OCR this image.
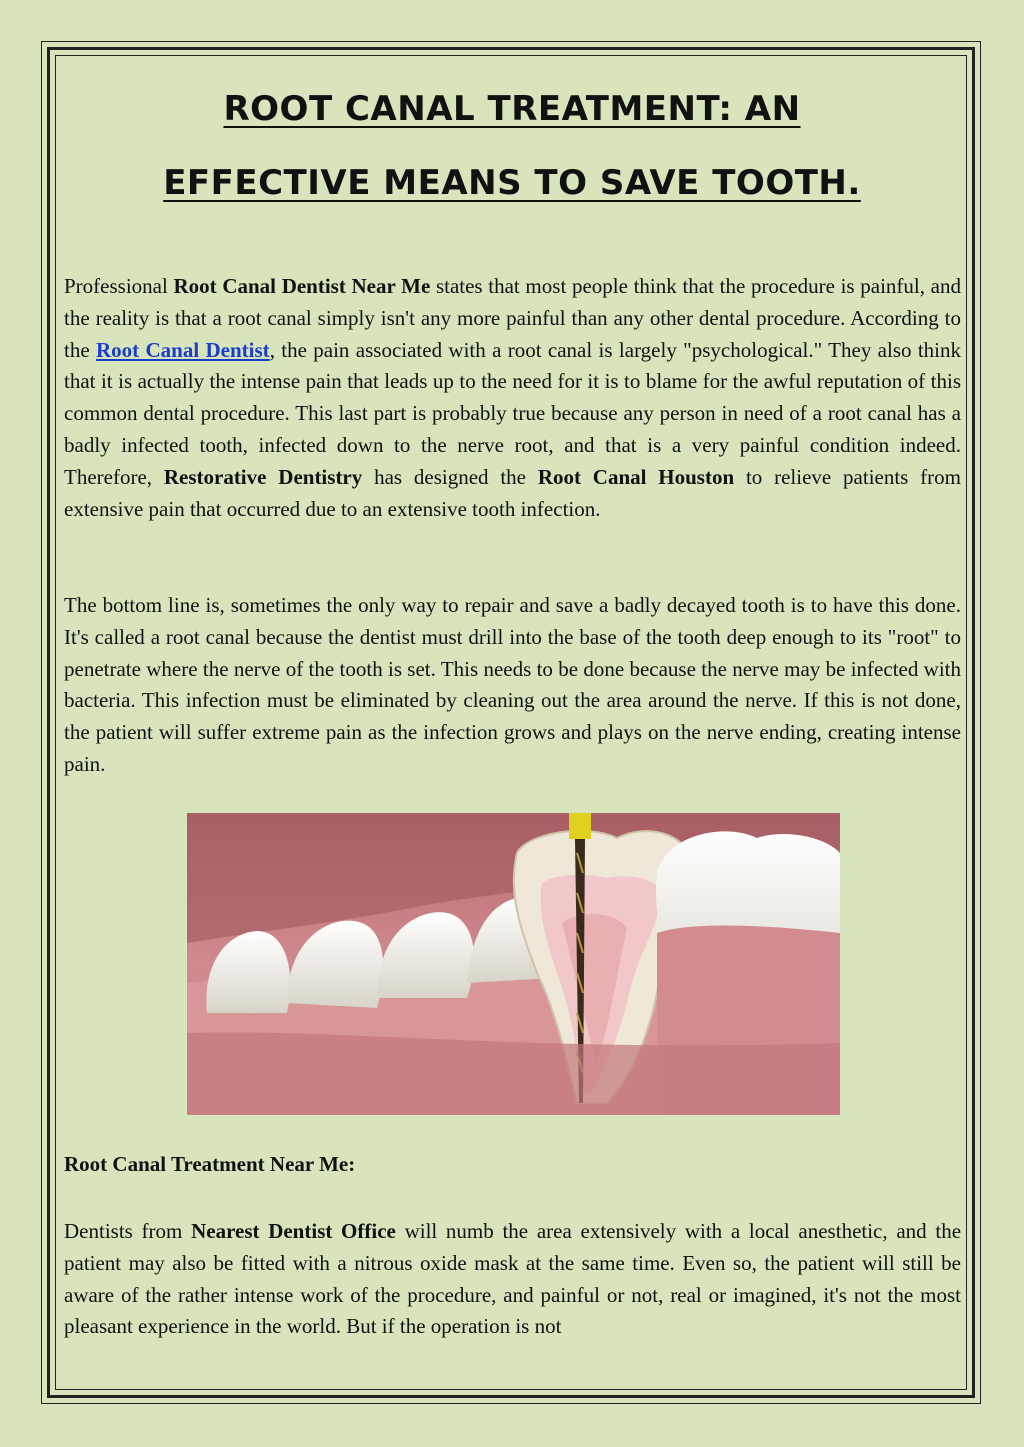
ROOT CANAL TREATMENT: AN
EFFECTIVE MEANS TO SAVE TOOTH.

Professional Root Canal Dentist Near Me states that most people think that the procedure is painful, and the reality is that a root canal simply isn't any more painful than any other dental procedure. According to the Root Canal Dentist, the pain associated with a root canal is largely "psychological." They also think that it is actually the intense pain that leads up to the need for it is to blame for the awful reputation of this common dental procedure. This last part is probably true because any person in need of a root canal has a badly infected tooth, infected down to the nerve root, and that is a very painful condition indeed. Therefore, Restorative Dentistry has designed the Root Canal Houston to relieve patients from extensive pain that occurred due to an extensive tooth infection.

The bottom line is, sometimes the only way to repair and save a badly decayed tooth is to have this done. It's called a root canal because the dentist must drill into the base of the tooth deep enough to its "root" to penetrate where the nerve of the tooth is set. This needs to be done because the nerve may be infected with bacteria. This infection must be eliminated by cleaning out the area around the nerve. If this is not done, the patient will suffer extreme pain as the infection grows and plays on the nerve ending, creating intense pain.

Root Canal Treatment Near Me:

Dentists from Nearest Dentist Office will numb the area extensively with a local anesthetic, and the patient may also be fitted with a nitrous oxide mask at the same time. Even so, the patient will still be aware of the rather intense work of the procedure, and painful or not, real or imagined, it's not the most pleasant experience in the world. But if the operation is not
